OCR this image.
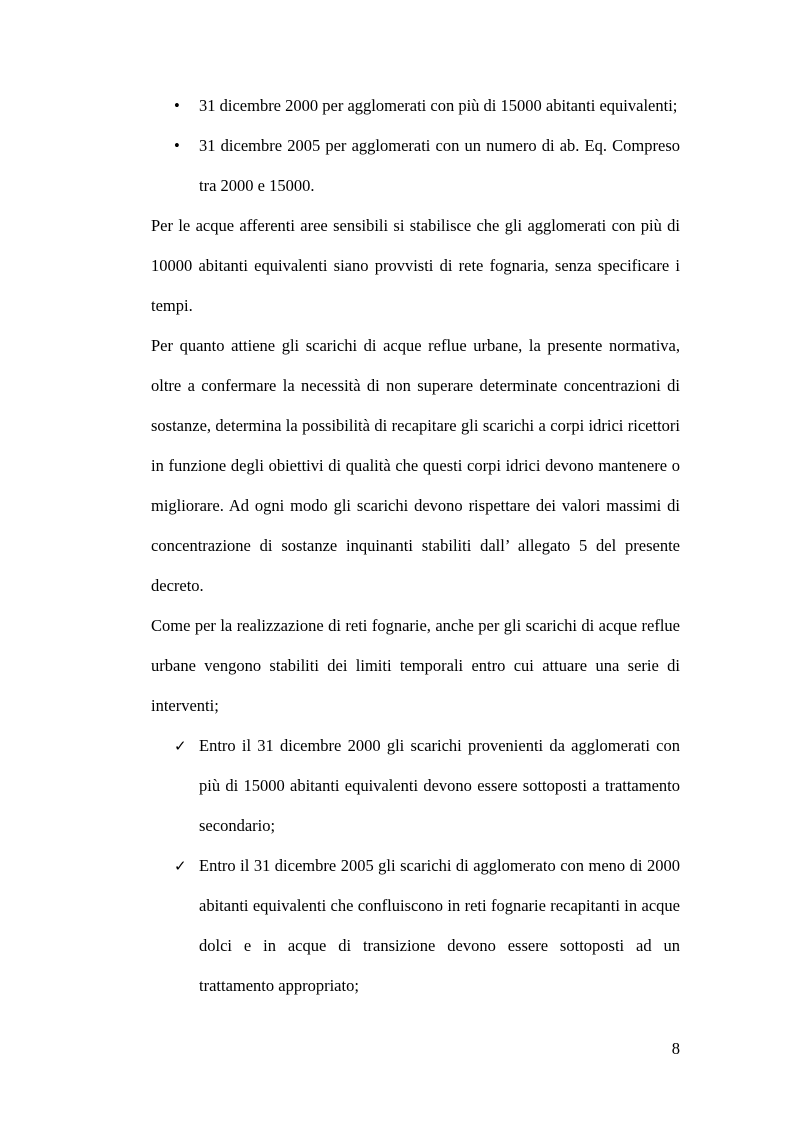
• 31 dicembre 2000 per agglomerati con più di 15000 abitanti equivalenti;
• 31 dicembre 2005 per agglomerati con un numero di ab. Eq. Compreso tra 2000 e 15000.

Per le acque afferenti aree sensibili si stabilisce che gli agglomerati con più di 10000 abitanti equivalenti siano provvisti di rete fognaria, senza specificare i tempi.

Per quanto attiene gli scarichi di acque reflue urbane, la presente normativa, oltre a confermare la necessità di non superare determinate concentrazioni di sostanze, determina la possibilità di recapitare gli scarichi a corpi idrici ricettori in funzione degli obiettivi di qualità che questi corpi idrici devono mantenere o migliorare. Ad ogni modo gli scarichi devono rispettare dei valori massimi di concentrazione di sostanze inquinanti stabiliti dall’ allegato 5 del presente decreto.

Come per la realizzazione di reti fognarie, anche per gli scarichi di acque reflue urbane vengono stabiliti dei limiti temporali entro cui attuare una serie di interventi;

✓ Entro il 31 dicembre 2000 gli scarichi provenienti da agglomerati con più di 15000 abitanti equivalenti devono essere sottoposti a trattamento secondario;
✓ Entro il 31 dicembre 2005 gli scarichi di agglomerato con meno di 2000 abitanti equivalenti che confluiscono in reti fognarie recapitanti in acque dolci e in acque di transizione devono essere sottoposti ad un trattamento appropriato;
8
